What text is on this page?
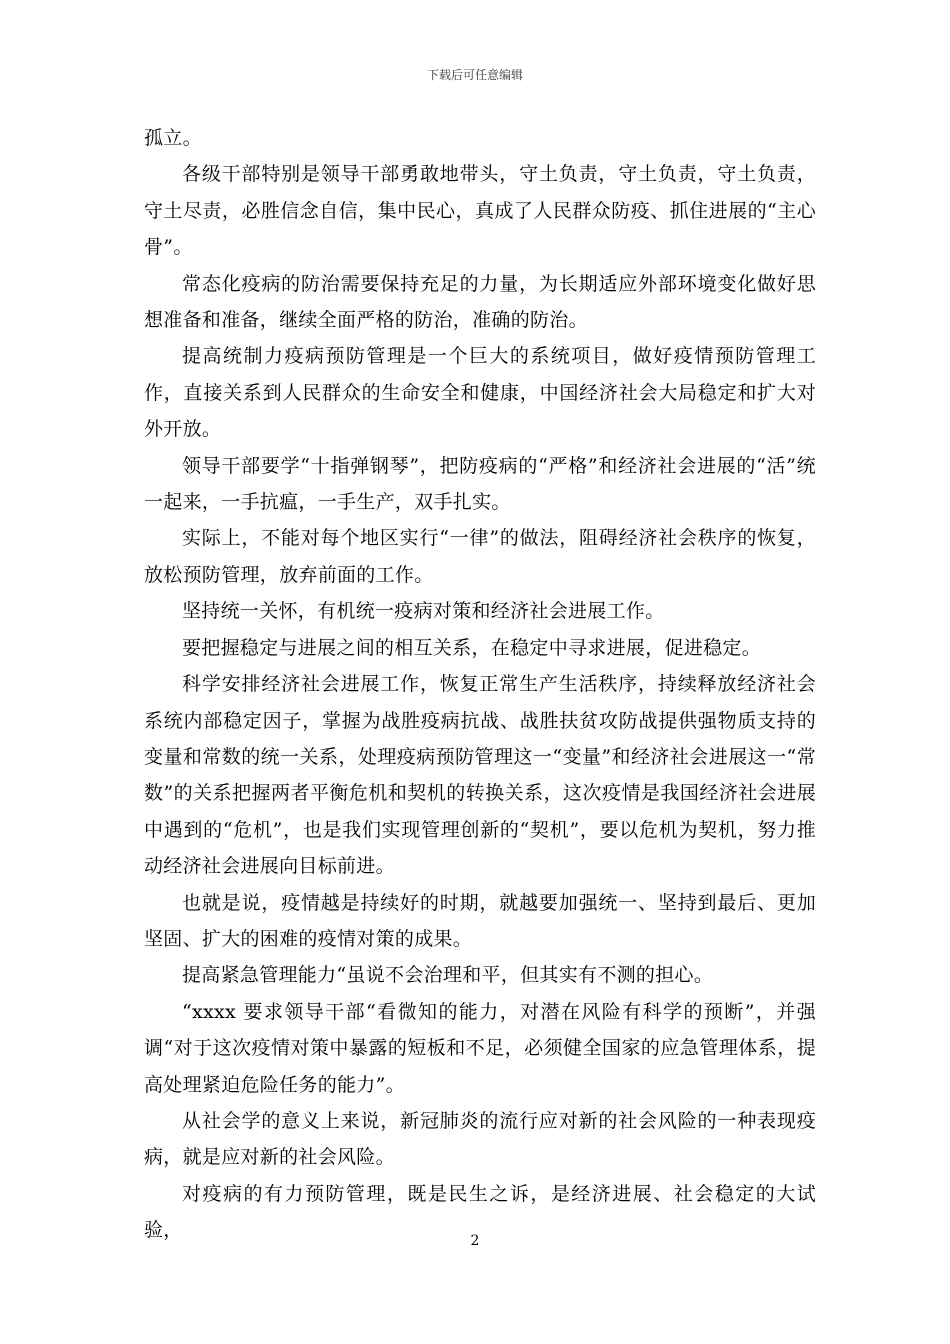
下载后可任意编辑

孤立。

各级干部特别是领导干部勇敢地带头，守土负责，守土负责，守土负责，守土尽责，必胜信念自信，集中民心，真成了人民群众防疫、抓住进展的“主心骨”。

常态化疫病的防治需要保持充足的力量，为长期适应外部环境变化做好思想准备和准备，继续全面严格的防治，准确的防治。

提高统制力疫病预防管理是一个巨大的系统项目，做好疫情预防管理工作，直接关系到人民群众的生命安全和健康，中国经济社会大局稳定和扩大对外开放。

领导干部要学“十指弹钢琴”，把防疫病的“严格”和经济社会进展的“活”统一起来，一手抗瘟，一手生产，双手扎实。

实际上，不能对每个地区实行“一律”的做法，阻碍经济社会秩序的恢复，放松预防管理，放弃前面的工作。

坚持统一关怀，有机统一疫病对策和经济社会进展工作。

要把握稳定与进展之间的相互关系，在稳定中寻求进展，促进稳定。

科学安排经济社会进展工作，恢复正常生产生活秩序，持续释放经济社会系统内部稳定因子，掌握为战胜疫病抗战、战胜扶贫攻防战提供强物质支持的变量和常数的统一关系，处理疫病预防管理这一“变量”和经济社会进展这一“常数”的关系把握两者平衡危机和契机的转换关系，这次疫情是我国经济社会进展中遇到的“危机”，也是我们实现管理创新的“契机”，要以危机为契机，努力推动经济社会进展向目标前进。

也就是说，疫情越是持续好的时期，就越要加强统一、坚持到最后、更加坚固、扩大的困难的疫情对策的成果。

提高紧急管理能力“虽说不会治理和平，但其实有不测的担心。

“xxxx 要求领导干部“看微知的能力，对潜在风险有科学的预断”，并强调“对于这次疫情对策中暴露的短板和不足，必须健全国家的应急管理体系，提高处理紧迫危险任务的能力”。

从社会学的意义上来说，新冠肺炎的流行应对新的社会风险的一种表现疫病，就是应对新的社会风险。

对疫病的有力预防管理，既是民生之诉，是经济进展、社会稳定的大试验，	2
